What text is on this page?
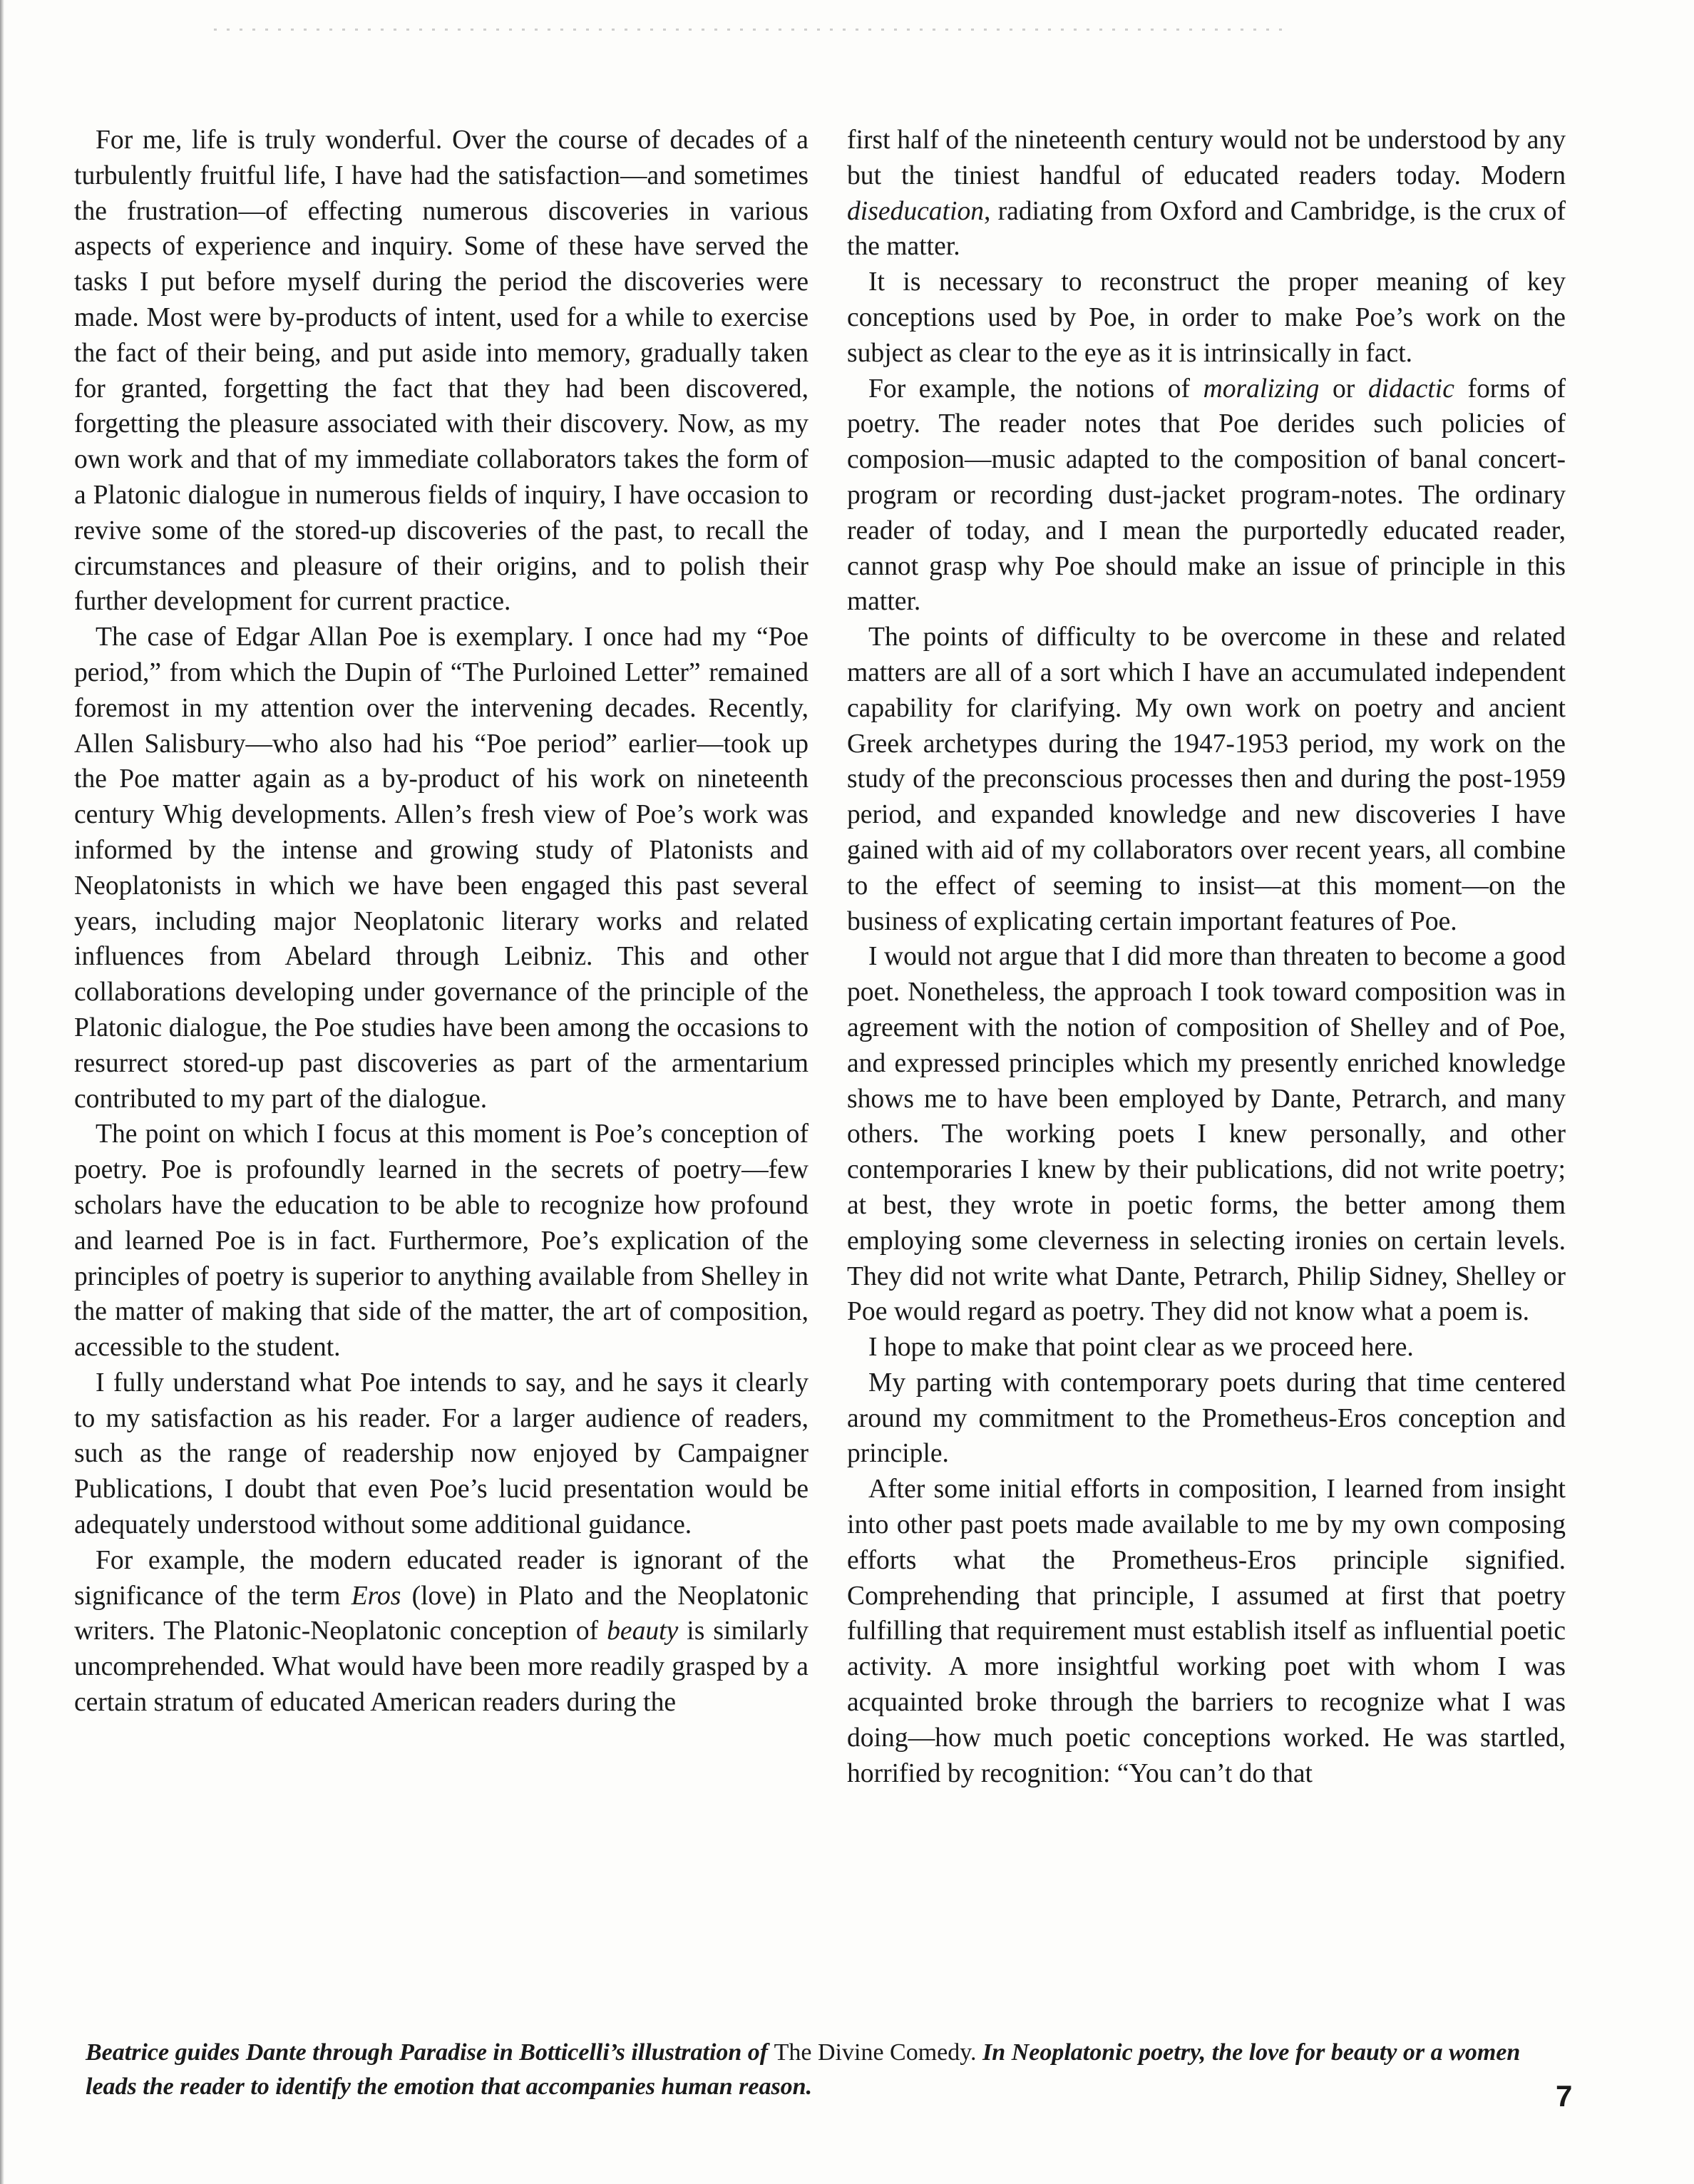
For me, life is truly wonderful. Over the course of decades of a turbulently fruitful life, I have had the satisfaction—and sometimes the frustration—of effecting numerous discoveries in various aspects of experience and inquiry. Some of these have served the tasks I put before myself during the period the discoveries were made. Most were by-products of intent, used for a while to exercise the fact of their being, and put aside into memory, gradually taken for granted, forgetting the fact that they had been discovered, forgetting the pleasure associated with their discovery. Now, as my own work and that of my immediate collaborators takes the form of a Platonic dialogue in numerous fields of inquiry, I have occasion to revive some of the stored-up discoveries of the past, to recall the circumstances and pleasure of their origins, and to polish their further development for current practice.

The case of Edgar Allan Poe is exemplary. I once had my “Poe period,” from which the Dupin of “The Purloined Letter” remained foremost in my attention over the intervening decades. Recently, Allen Salisbury—who also had his “Poe period” earlier—took up the Poe matter again as a by-product of his work on nineteenth century Whig developments. Allen’s fresh view of Poe’s work was informed by the intense and growing study of Platonists and Neoplatonists in which we have been engaged this past several years, including major Neoplatonic literary works and related influences from Abelard through Leibniz. This and other collaborations developing under governance of the principle of the Platonic dialogue, the Poe studies have been among the occasions to resurrect stored-up past discoveries as part of the armentarium contributed to my part of the dialogue.

The point on which I focus at this moment is Poe’s conception of poetry. Poe is profoundly learned in the secrets of poetry—few scholars have the education to be able to recognize how profound and learned Poe is in fact. Furthermore, Poe’s explication of the principles of poetry is superior to anything available from Shelley in the matter of making that side of the matter, the art of composition, accessible to the student.

I fully understand what Poe intends to say, and he says it clearly to my satisfaction as his reader. For a larger audience of readers, such as the range of readership now enjoyed by Campaigner Publications, I doubt that even Poe’s lucid presentation would be adequately understood without some additional guidance.

For example, the modern educated reader is ignorant of the significance of the term Eros (love) in Plato and the Neoplatonic writers. The Platonic-Neoplatonic conception of beauty is similarly uncomprehended. What would have been more readily grasped by a certain stratum of educated American readers during the

first half of the nineteenth century would not be understood by any but the tiniest handful of educated readers today. Modern diseducation, radiating from Oxford and Cambridge, is the crux of the matter.

It is necessary to reconstruct the proper meaning of key conceptions used by Poe, in order to make Poe’s work on the subject as clear to the eye as it is intrinsically in fact.

For example, the notions of moralizing or didactic forms of poetry. The reader notes that Poe derides such policies of composion—music adapted to the composition of banal concert-program or recording dust-jacket program-notes. The ordinary reader of today, and I mean the purportedly educated reader, cannot grasp why Poe should make an issue of principle in this matter.

The points of difficulty to be overcome in these and related matters are all of a sort which I have an accumulated independent capability for clarifying. My own work on poetry and ancient Greek archetypes during the 1947-1953 period, my work on the study of the preconscious processes then and during the post-1959 period, and expanded knowledge and new discoveries I have gained with aid of my collaborators over recent years, all combine to the effect of seeming to insist—at this moment—on the business of explicating certain important features of Poe.

I would not argue that I did more than threaten to become a good poet. Nonetheless, the approach I took toward composition was in agreement with the notion of composition of Shelley and of Poe, and expressed principles which my presently enriched knowledge shows me to have been employed by Dante, Petrarch, and many others. The working poets I knew personally, and other contemporaries I knew by their publications, did not write poetry; at best, they wrote in poetic forms, the better among them employing some cleverness in selecting ironies on certain levels. They did not write what Dante, Petrarch, Philip Sidney, Shelley or Poe would regard as poetry. They did not know what a poem is.

I hope to make that point clear as we proceed here.

My parting with contemporary poets during that time centered around my commitment to the Prometheus-Eros conception and principle.

After some initial efforts in composition, I learned from insight into other past poets made available to me by my own composing efforts what the Prometheus-Eros principle signified. Comprehending that principle, I assumed at first that poetry fulfilling that requirement must establish itself as influential poetic activity. A more insightful working poet with whom I was acquainted broke through the barriers to recognize what I was doing—how much poetic conceptions worked. He was startled, horrified by recognition: “You can’t do that

Beatrice guides Dante through Paradise in Botticelli’s illustration of The Divine Comedy. In Neoplatonic poetry, the love for beauty or a women leads the reader to identify the emotion that accompanies human reason.	7
